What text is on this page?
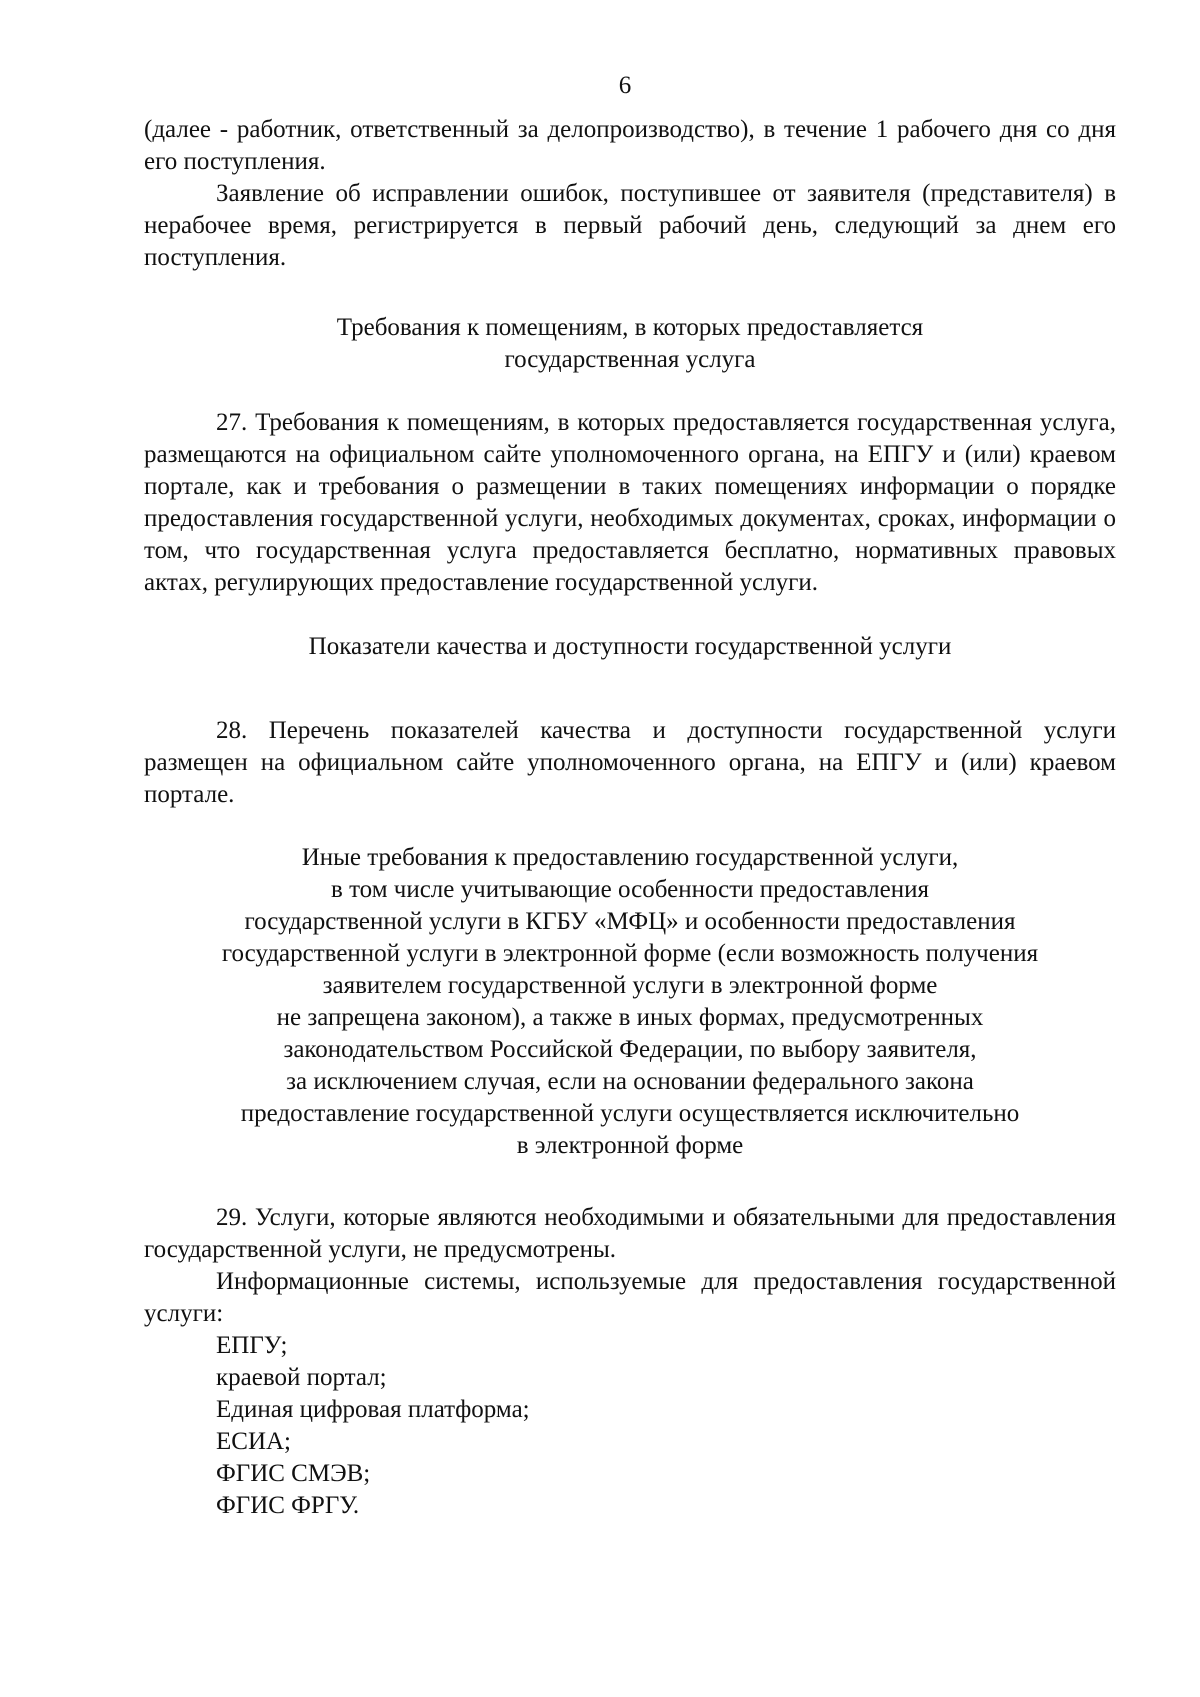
6

(далее - работник, ответственный за делопроизводство), в течение 1 рабочего дня со дня его поступления.

Заявление об исправлении ошибок, поступившее от заявителя (представителя) в нерабочее время, регистрируется в первый рабочий день, следующий за днем его поступления.

Требования к помещениям, в которых предоставляется
государственная услуга

27. Требования к помещениям, в которых предоставляется государственная услуга, размещаются на официальном сайте уполномоченного органа, на ЕПГУ и (или) краевом портале, как и требования о размещении в таких помещениях информации о порядке предоставления государственной услуги, необходимых документах, сроках, информации о том, что государственная услуга предоставляется бесплатно, нормативных правовых актах, регулирующих предоставление государственной услуги.

Показатели качества и доступности государственной услуги

28. Перечень показателей качества и доступности государственной услуги размещен на официальном сайте уполномоченного органа, на ЕПГУ и (или) краевом портале.

Иные требования к предоставлению государственной услуги,
в том числе учитывающие особенности предоставления
государственной услуги в КГБУ «МФЦ» и особенности предоставления
государственной услуги в электронной форме (если возможность получения
заявителем государственной услуги в электронной форме
не запрещена законом), а также в иных формах, предусмотренных
законодательством Российской Федерации, по выбору заявителя,
за исключением случая, если на основании федерального закона
предоставление государственной услуги осуществляется исключительно
в электронной форме

29. Услуги, которые являются необходимыми и обязательными для предоставления государственной услуги, не предусмотрены.

Информационные системы, используемые для предоставления государственной услуги:

ЕПГУ;
краевой портал;
Единая цифровая платформа;
ЕСИА;
ФГИС СМЭВ;
ФГИС ФРГУ.
